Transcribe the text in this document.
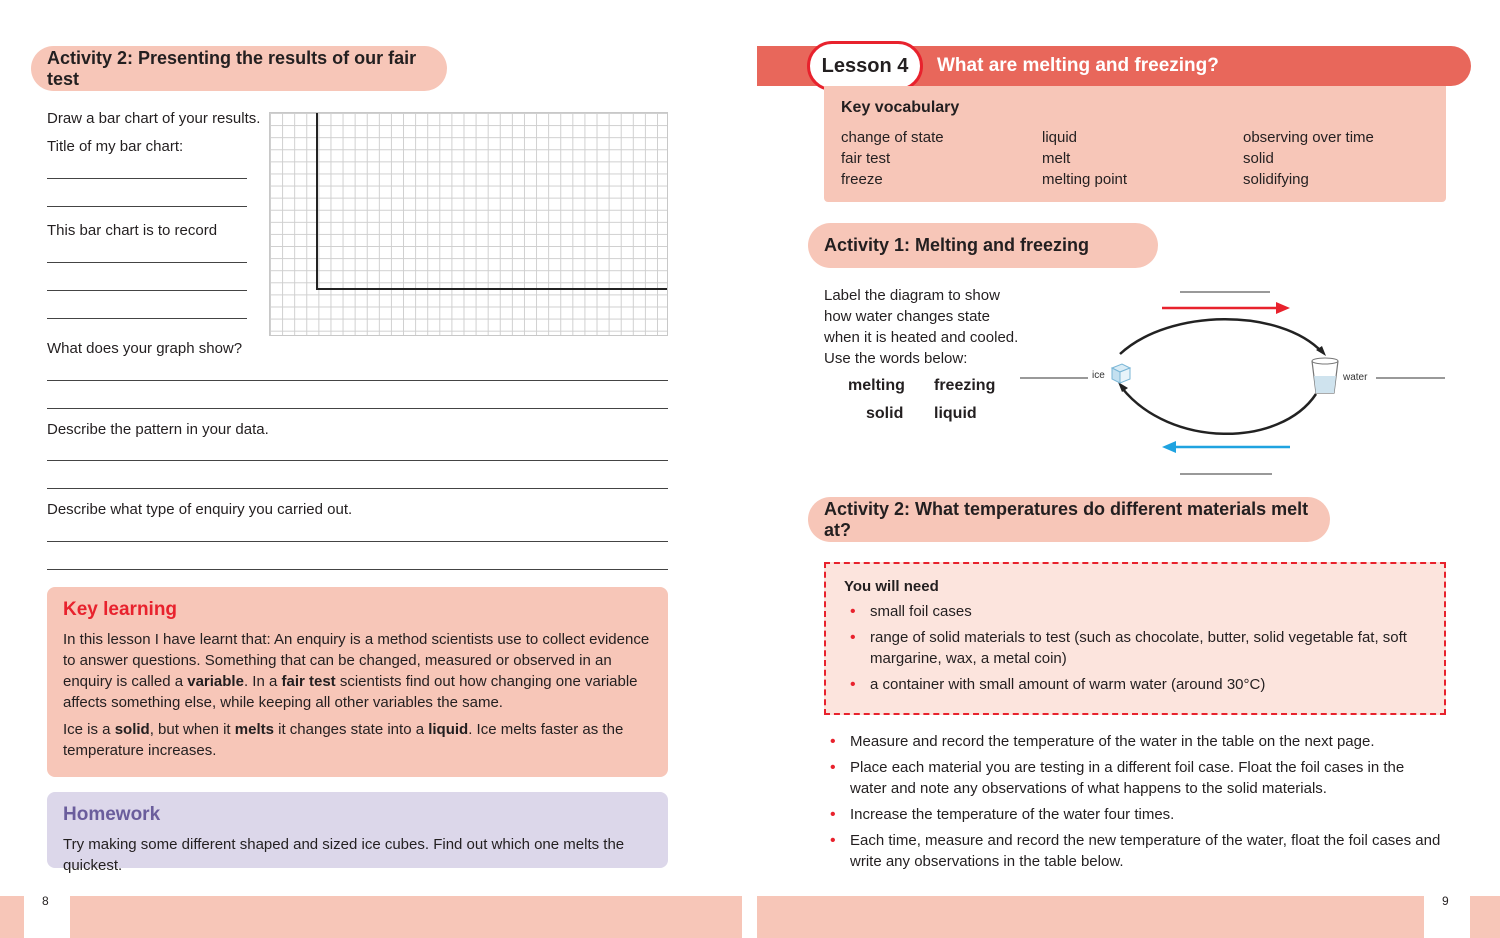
Activity 2: Presenting the results of our fair test
Draw a bar chart of your results.
Title of my bar chart:
This bar chart is to record
What does your graph show?
Describe the pattern in your data.
Describe what type of enquiry you carried out.
Key learning

In this lesson I have learnt that: An enquiry is a method scientists use to collect evidence to answer questions. Something that can be changed, measured or observed in an enquiry is called a variable. In a fair test scientists find out how changing one variable affects something else, while keeping all other variables the same.

Ice is a solid, but when it melts it changes state into a liquid. Ice melts faster as the temperature increases.

Homework

Try making some different shaped and sized ice cubes. Find out which one melts the quickest.

8
Lesson 4 What are melting and freezing?
Key vocabulary
change of state
fair test
freeze
liquid
melt
melting point
observing over time
solid
solidifying
Activity 1: Melting and freezing
Label the diagram to show
how water changes state
when it is heated and cooled.
Use the words below:
melting freezing
solid liquid
ice	water
Activity 2: What temperatures do different materials melt at?
You will need
• small foil cases
• range of solid materials to test (such as chocolate, butter, solid vegetable fat, soft margarine, wax, a metal coin)
• a container with small amount of warm water (around 30°C)
• Measure and record the temperature of the water in the table on the next page.
• Place each material you are testing in a different foil case. Float the foil cases in the water and note any observations of what happens to the solid materials.
• Increase the temperature of the water four times.
• Each time, measure and record the new temperature of the water, float the foil cases and write any observations in the table below.
9
